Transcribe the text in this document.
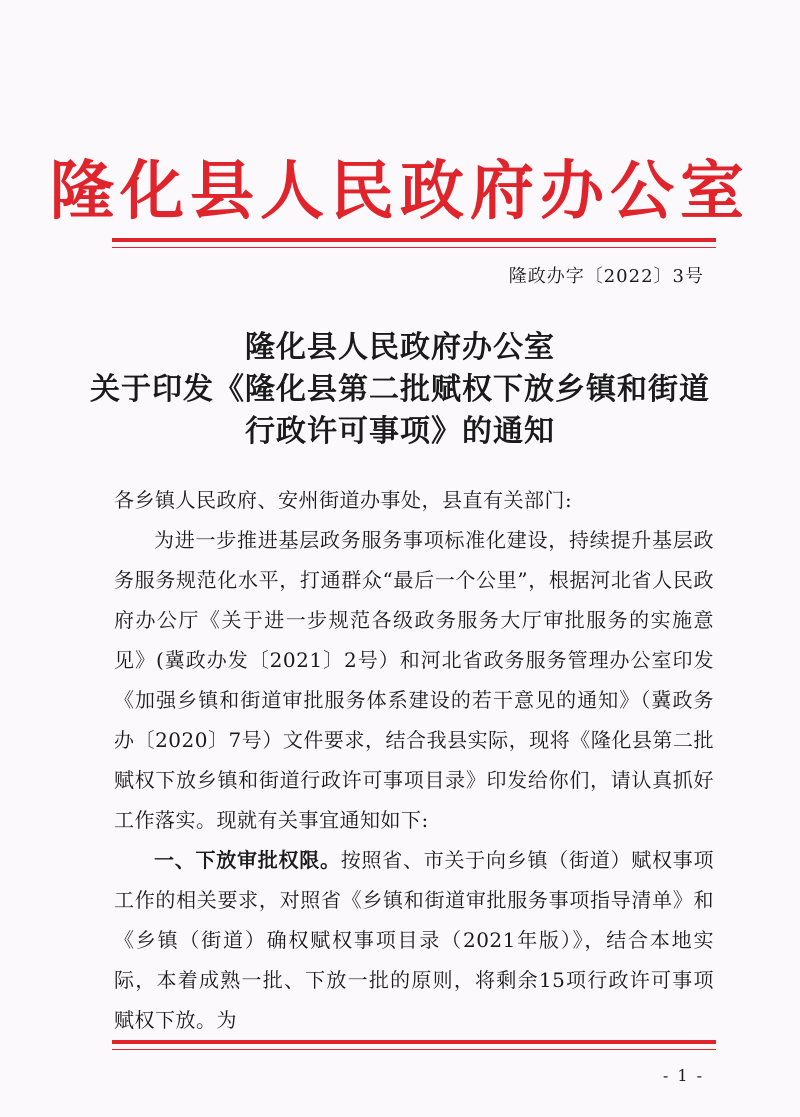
隆化县人民政府办公室
隆政办字〔2022〕3号
隆化县人民政府办公室
关于印发《隆化县第二批赋权下放乡镇和街道
行政许可事项》的通知
各乡镇人民政府、安州街道办事处，县直有关部门:
为进一步推进基层政务服务事项标准化建设，持续提升基层政务服务规范化水平，打通群众“最后一个公里”，根据河北省人民政府办公厅《关于进一步规范各级政务服务大厅审批服务的实施意见》(冀政办发〔2021〕2号）和河北省政务服务管理办公室印发《加强乡镇和街道审批服务体系建设的若干意见的通知》（冀政务办〔2020〕7号）文件要求，结合我县实际，现将《隆化县第二批赋权下放乡镇和街道行政许可事项目录》印发给你们，请认真抓好工作落实。现就有关事宜通知如下:
一、下放审批权限。按照省、市关于向乡镇（街道）赋权事项工作的相关要求，对照省《乡镇和街道审批服务事项指导清单》和《乡镇（街道）确权赋权事项目录（2021年版）》，结合本地实际，本着成熟一批、下放一批的原则，将剩余15项行政许可事项赋权下放。为
- 1 -
